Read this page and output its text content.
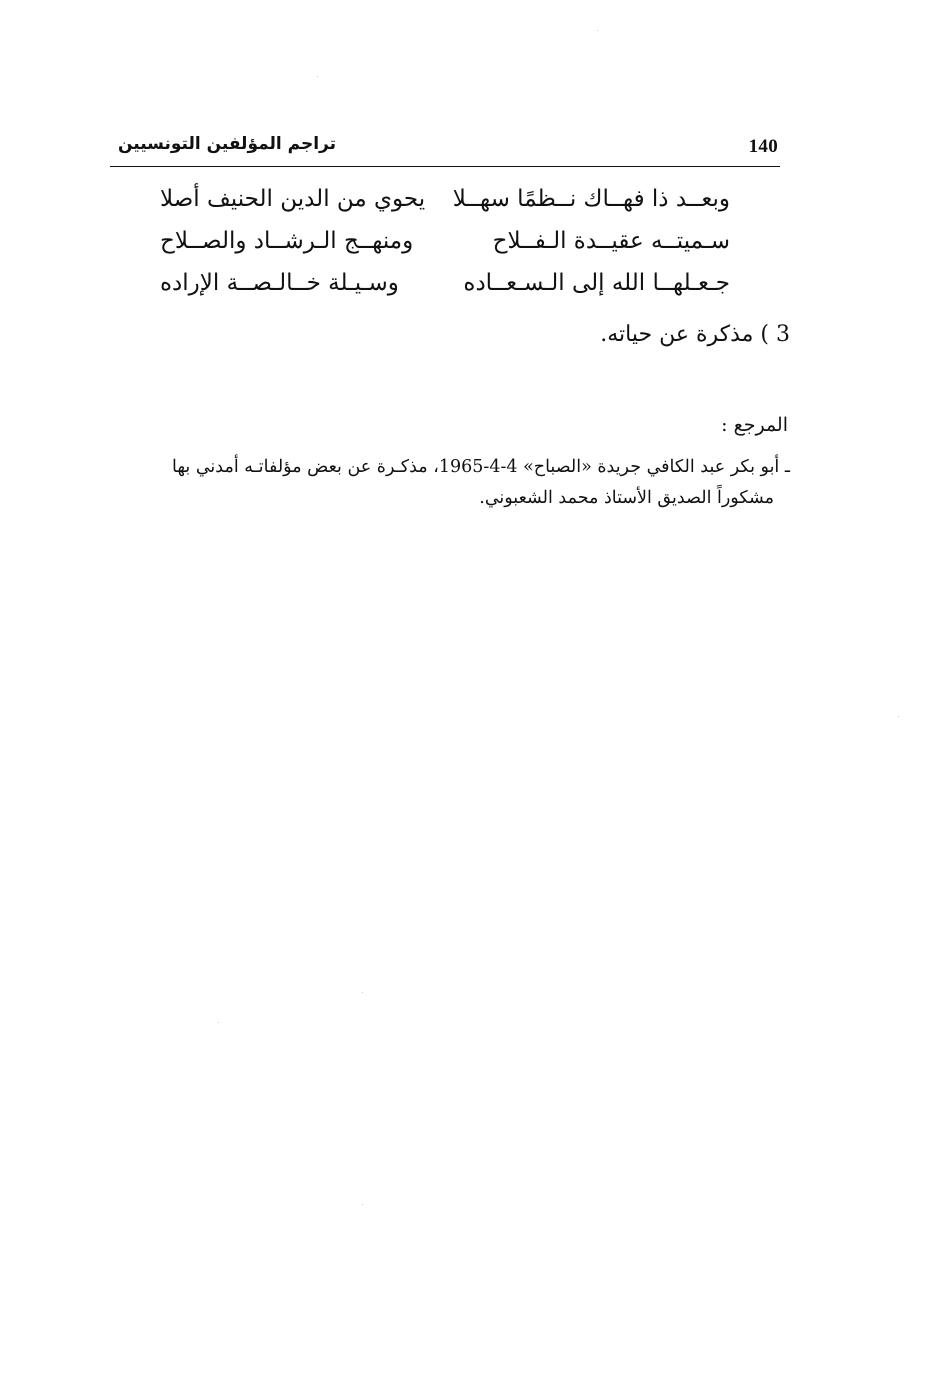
140
تراجم المؤلفين التونسيين
وبعــد ذا فهــاك نــظمًا سهــلا
يحوي من الدين الحنيف أصلا
سـميتــه عقيــدة الـفــلاح
ومنهــج الـرشــاد والصــلاح
جـعـلهــا الله إلى الـسـعــاده
وسـيـلة خــالـصــة الإراده
3 ) مذكرة عن حياته.
المرجع :
ـ أبو بكر عبد الكافي جريدة «الصباح» 4-4-1965، مذكـرة عن بعض مؤلفاتـه أمدني بها
مشكوراً الصديق الأستاذ محمد الشعبوني.
